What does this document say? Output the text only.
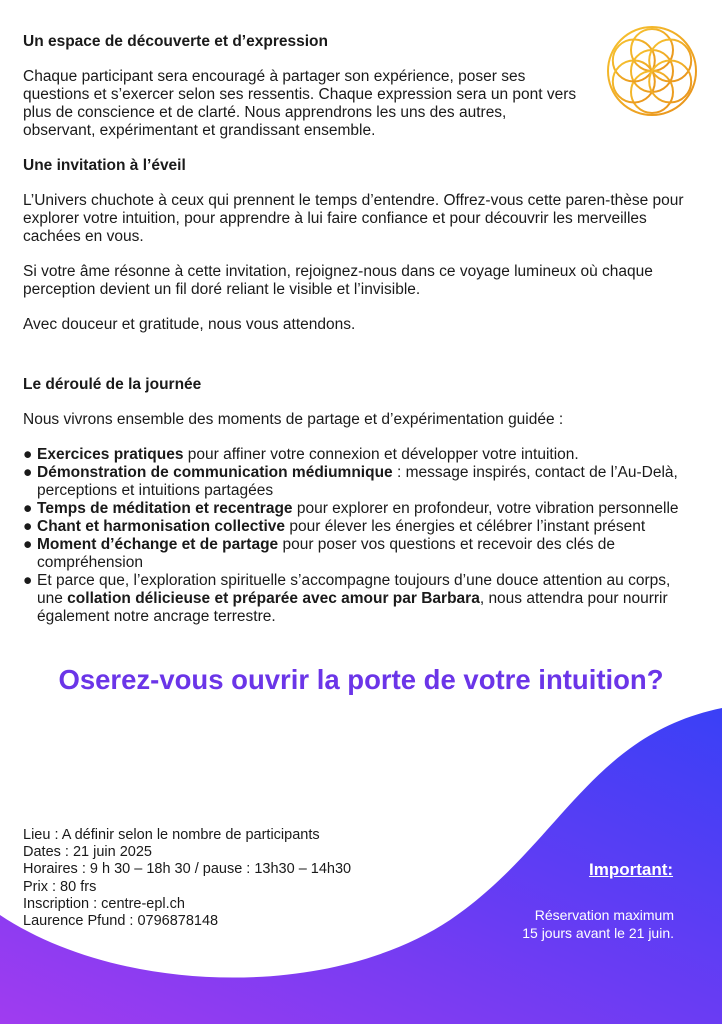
Un espace de découverte et d’expression

Chaque participant sera encouragé à partager son expérience, poser ses questions et s’exercer selon ses ressentis. Chaque expression sera un pont vers plus de conscience et de clarté. Nous apprendrons les uns des autres, observant, expérimentant et grandissant ensemble.

Une invitation à l’éveil

L’Univers chuchote à ceux qui prennent le temps d’entendre. Offrez-vous cette paren-thèse pour explorer votre intuition, pour apprendre à lui faire confiance et pour découvrir les merveilles cachées en vous.

Si votre âme résonne à cette invitation, rejoignez-nous dans ce voyage lumineux où chaque perception devient un fil doré reliant le visible et l’invisible.

Avec douceur et gratitude, nous vous attendons.

Le déroulé de la journée

Nous vivrons ensemble des moments de partage et d’expérimentation guidée :

● Exercices pratiques pour affiner votre connexion et développer votre intuition.
● Démonstration de communication médiumnique : message inspirés, contact de l’Au-Delà, perceptions et intuitions partagées
● Temps de méditation et recentrage pour explorer en profondeur, votre vibration personnelle
● Chant et harmonisation collective pour élever les énergies et célébrer l’instant présent
● Moment d’échange et de partage pour poser vos questions et recevoir des clés de compréhension
● Et parce que, l’exploration spirituelle s’accompagne toujours d’une douce attention au corps, une collation délicieuse et préparée avec amour par Barbara, nous attendra pour nourrir également notre ancrage terrestre.

Oserez-vous ouvrir la porte de votre intuition?

Lieu : A définir selon le nombre de participants
Dates : 21 juin 2025
Horaires : 9 h 30 – 18h 30 / pause : 13h30 – 14h30
Prix : 80 frs
Inscription : centre-epl.ch
Laurence Pfund : 0796878148
Important:
Réservation maximum
15 jours avant le 21 juin.
